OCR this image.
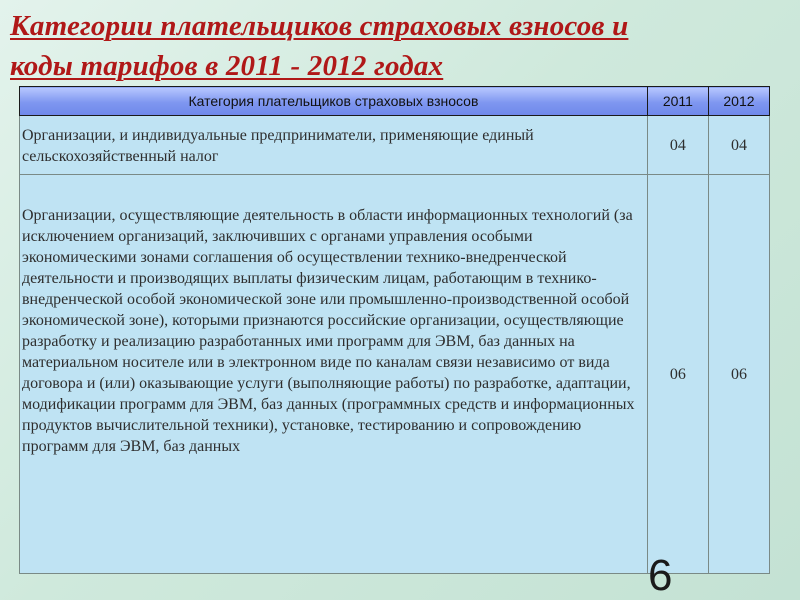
Категории плательщиков страховых взносов и
коды тарифов в 2011 - 2012 годах
Категория плательщиков страховых взносов	2011	2012
Организации, и индивидуальные предприниматели, применяющие единый сельскохозяйственный налог	04	04
Организации, осуществляющие деятельность в области информационных технологий (за исключением организаций, заключивших с органами управления особыми экономическими зонами соглашения об осуществлении технико-внедренческой деятельности и производящих выплаты физическим лицам, работающим в технико-внедренческой особой экономической зоне или промышленно-производственной особой экономической зоне), которыми признаются российские организации, осуществляющие разработку и реализацию разработанных ими программ для ЭВМ, баз данных на материальном носителе или в электронном виде по каналам связи независимо от вида договора и (или) оказывающие услуги (выполняющие работы) по разработке, адаптации, модификации программ для ЭВМ, баз данных (программных средств и информационных продуктов вычислительной техники), установке, тестированию и сопровождению программ для ЭВМ, баз данных	06	06
6
